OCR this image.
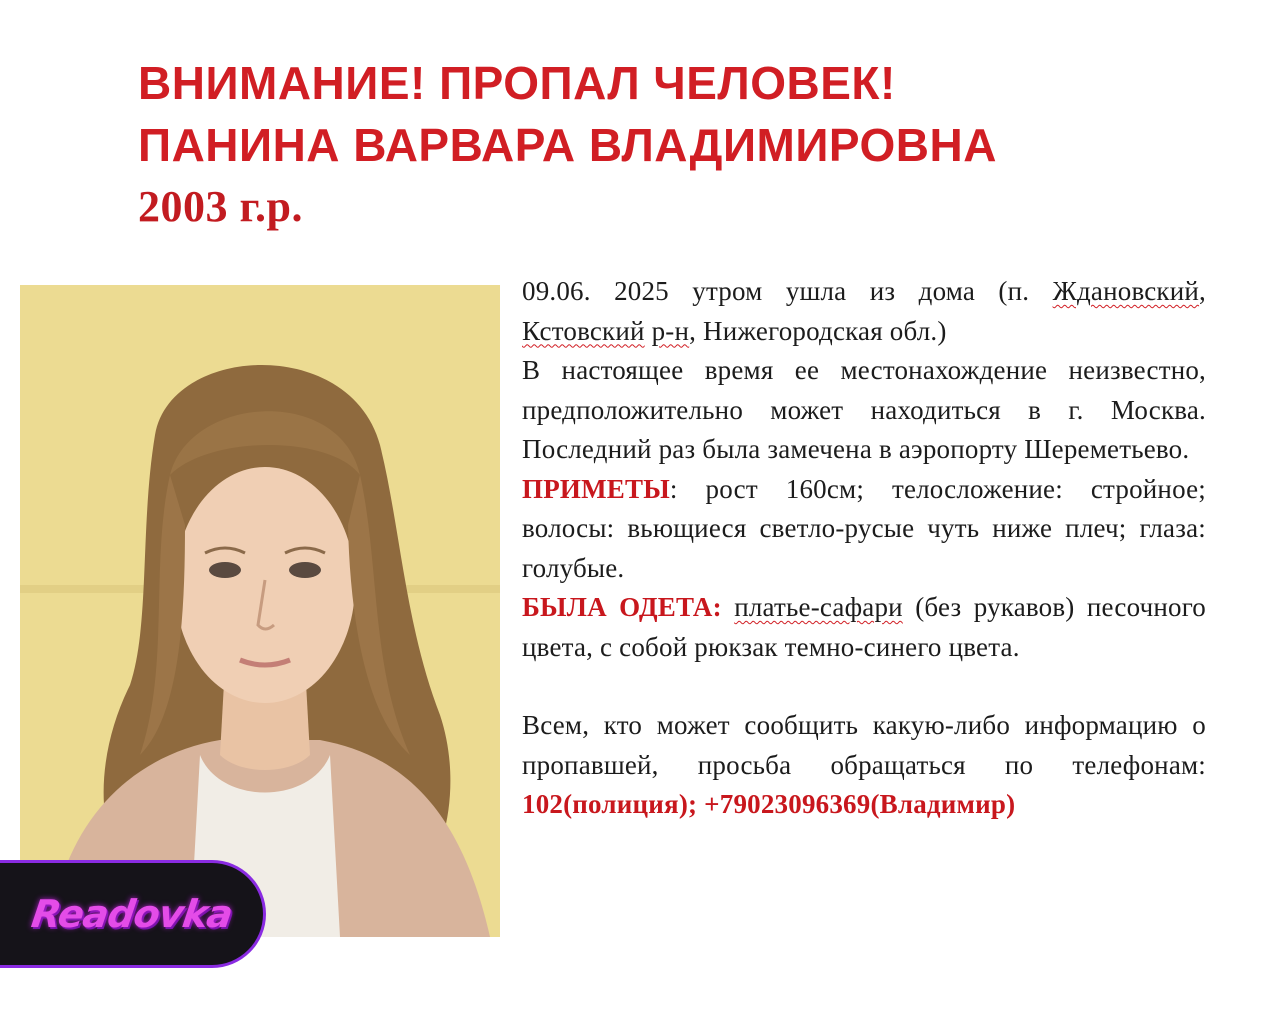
ВНИМАНИЕ! ПРОПАЛ ЧЕЛОВЕК!
ПАНИНА ВАРВАРА ВЛАДИМИРОВНА
2003 г.р.

09.06. 2025 утром ушла из дома (п. Ждановский, Кстовский р-н, Нижегородская обл.)

В настоящее время ее местонахождение неизвестно, предположительно может находиться в г. Москва. Последний раз была замечена в аэропорту Шереметьево.

ПРИМЕТЫ: рост 160см; телосложение: стройное; волосы: вьющиеся светло-русые чуть ниже плеч; глаза: голубые.

БЫЛА ОДЕТА: платье-сафари (без рукавов) песочного цвета, с собой рюкзак темно-синего цвета.

Всем, кто может сообщить какую-либо информацию о пропавшей, просьба обращаться по телефонам: 102(полиция); +79023096369(Владимир)

Readovka
